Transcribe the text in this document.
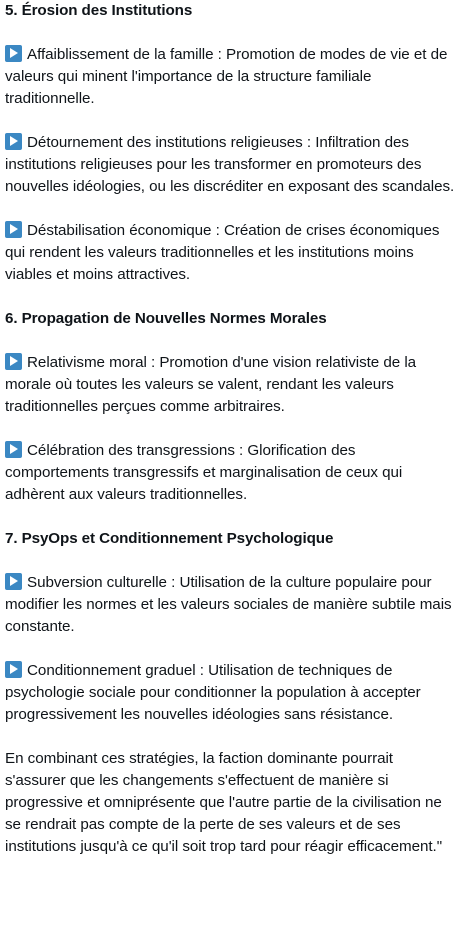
5. Érosion des Institutions

Affaiblissement de la famille : Promotion de modes de vie et de valeurs qui minent l'importance de la structure familiale traditionnelle.

Détournement des institutions religieuses : Infiltration des institutions religieuses pour les transformer en promoteurs des nouvelles idéologies, ou les discréditer en exposant des scandales.

Déstabilisation économique : Création de crises économiques qui rendent les valeurs traditionnelles et les institutions moins viables et moins attractives.

6. Propagation de Nouvelles Normes Morales

Relativisme moral : Promotion d'une vision relativiste de la morale où toutes les valeurs se valent, rendant les valeurs traditionnelles perçues comme arbitraires.

Célébration des transgressions : Glorification des comportements transgressifs et marginalisation de ceux qui adhèrent aux valeurs traditionnelles.

7. PsyOps et Conditionnement Psychologique

Subversion culturelle : Utilisation de la culture populaire pour modifier les normes et les valeurs sociales de manière subtile mais constante.

Conditionnement graduel : Utilisation de techniques de psychologie sociale pour conditionner la population à accepter progressivement les nouvelles idéologies sans résistance.

En combinant ces stratégies, la faction dominante pourrait s'assurer que les changements s'effectuent de manière si progressive et omniprésente que l'autre partie de la civilisation ne se rendrait pas compte de la perte de ses valeurs et de ses institutions jusqu'à ce qu'il soit trop tard pour réagir efficacement."
